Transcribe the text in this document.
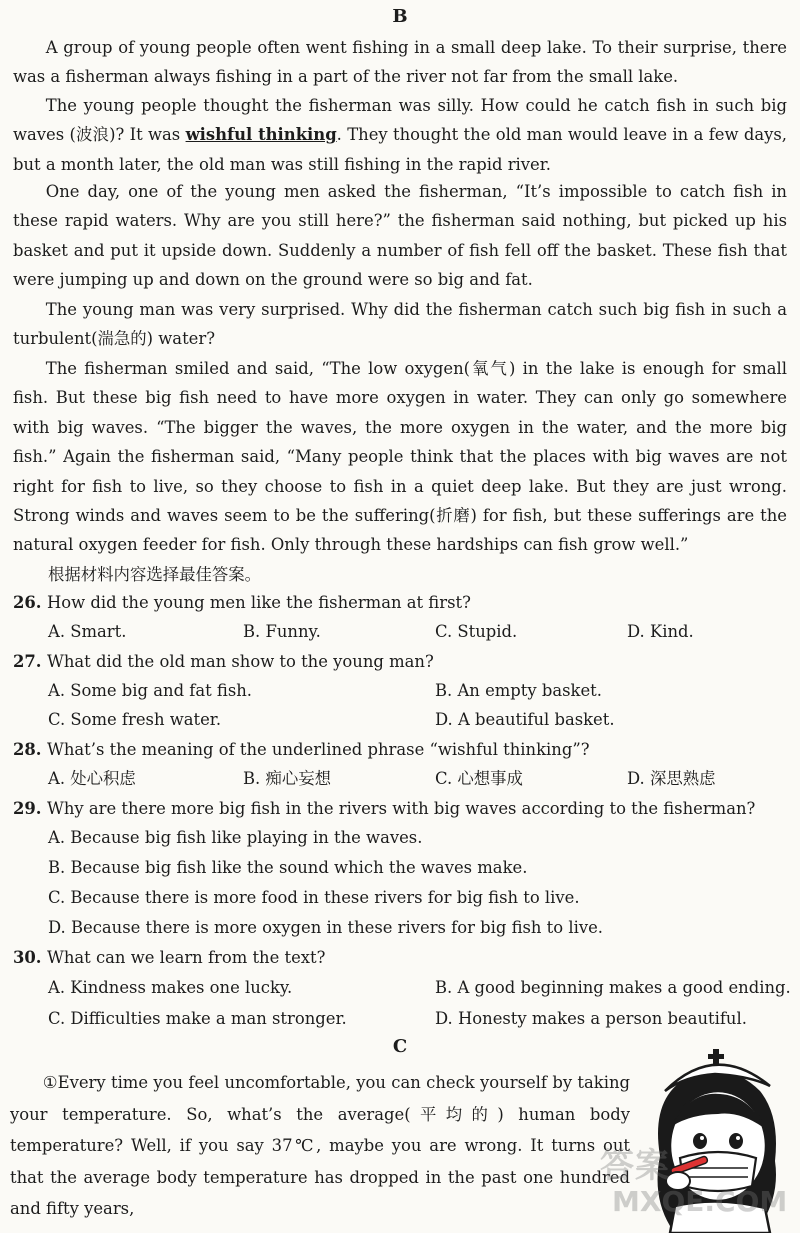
B

A group of young people often went fishing in a small deep lake. To their surprise, there was a fisherman always fishing in a part of the river not far from the small lake.

The young people thought the fisherman was silly. How could he catch fish in such big waves (波浪)? It was wishful thinking. They thought the old man would leave in a few days, but a month later, the old man was still fishing in the rapid river.

One day, one of the young men asked the fisherman, “It’s impossible to catch fish in these rapid waters. Why are you still here?” the fisherman said nothing, but picked up his basket and put it upside down. Suddenly a number of fish fell off the basket. These fish that were jumping up and down on the ground were so big and fat.

The young man was very surprised. Why did the fisherman catch such big fish in such a turbulent(湍急的) water?

The fisherman smiled and said, “The low oxygen(氧气) in the lake is enough for small fish. But these big fish need to have more oxygen in water. They can only go somewhere with big waves. “The bigger the waves, the more oxygen in the water, and the more big fish.” Again the fisherman said, “Many people think that the places with big waves are not right for fish to live, so they choose to fish in a quiet deep lake. But they are just wrong. Strong winds and waves seem to be the suffering(折磨) for fish, but these sufferings are the natural oxygen feeder for fish. Only through these hardships can fish grow well.”

根据材料内容选择最佳答案。
26. How did the young men like the fisherman at first?
A. Smart.	B. Funny.	C. Stupid.	D. Kind.
27. What did the old man show to the young man?
A. Some big and fat fish.	B. An empty basket.
C. Some fresh water.	D. A beautiful basket.
28. What’s the meaning of the underlined phrase “wishful thinking”?
A. 处心积虑	B. 痴心妄想	C. 心想事成	D. 深思熟虑
29. Why are there more big fish in the rivers with big waves according to the fisherman?
A. Because big fish like playing in the waves.
B. Because big fish like the sound which the waves make.
C. Because there is more food in these rivers for big fish to live.
D. Because there is more oxygen in these rivers for big fish to live.
30. What can we learn from the text?
A. Kindness makes one lucky.	B. A good beginning makes a good ending.
C. Difficulties make a man stronger.	D. Honesty makes a person beautiful.
C

①Every time you feel uncomfortable, you can check yourself by taking your temperature. So, what’s the average(平均的) human body temperature? Well, if you say 37℃, maybe you are wrong. It turns out that the average body temperature has dropped in the past one hundred and fifty years,

答案
MXQE.COM
